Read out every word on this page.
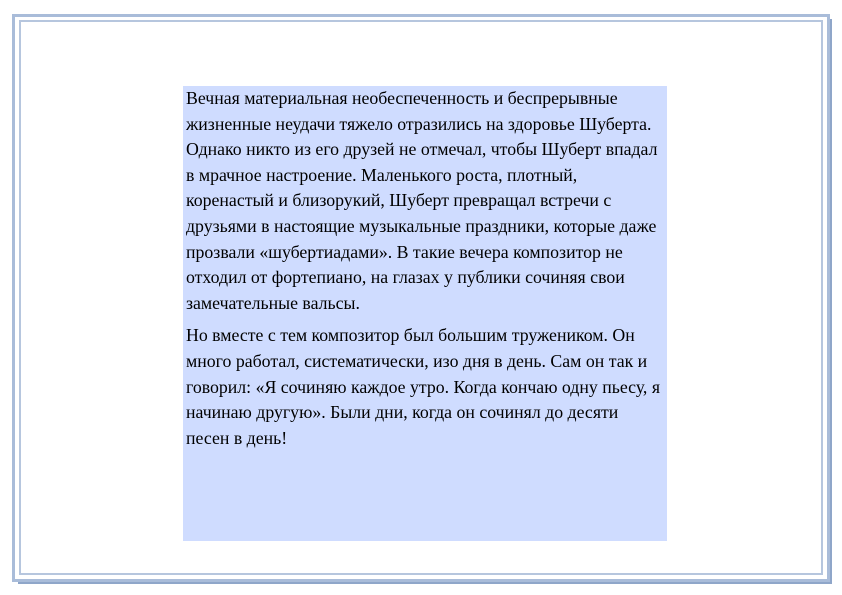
Вечная материальная необеспеченность и беспрерывные жизненные неудачи тяжело отразились на здоровье Шуберта. Однако никто из его друзей не отмечал, чтобы Шуберт впадал в мрачное настроение. Маленького роста, плотный, коренастый и близорукий, Шуберт превращал встречи с друзьями в настоящие музыкальные праздники, которые даже прозвали «шубертиадами». В такие вечера композитор не отходил от фортепиано, на глазах у публики сочиняя свои замечательные вальсы.

Но вместе с тем композитор был большим тружеником. Он много работал, систематически, изо дня в день. Сам он так и говорил: «Я сочиняю каждое утро. Когда кончаю одну пьесу, я начинаю другую». Были дни, когда он сочинял до десяти песен в день!
